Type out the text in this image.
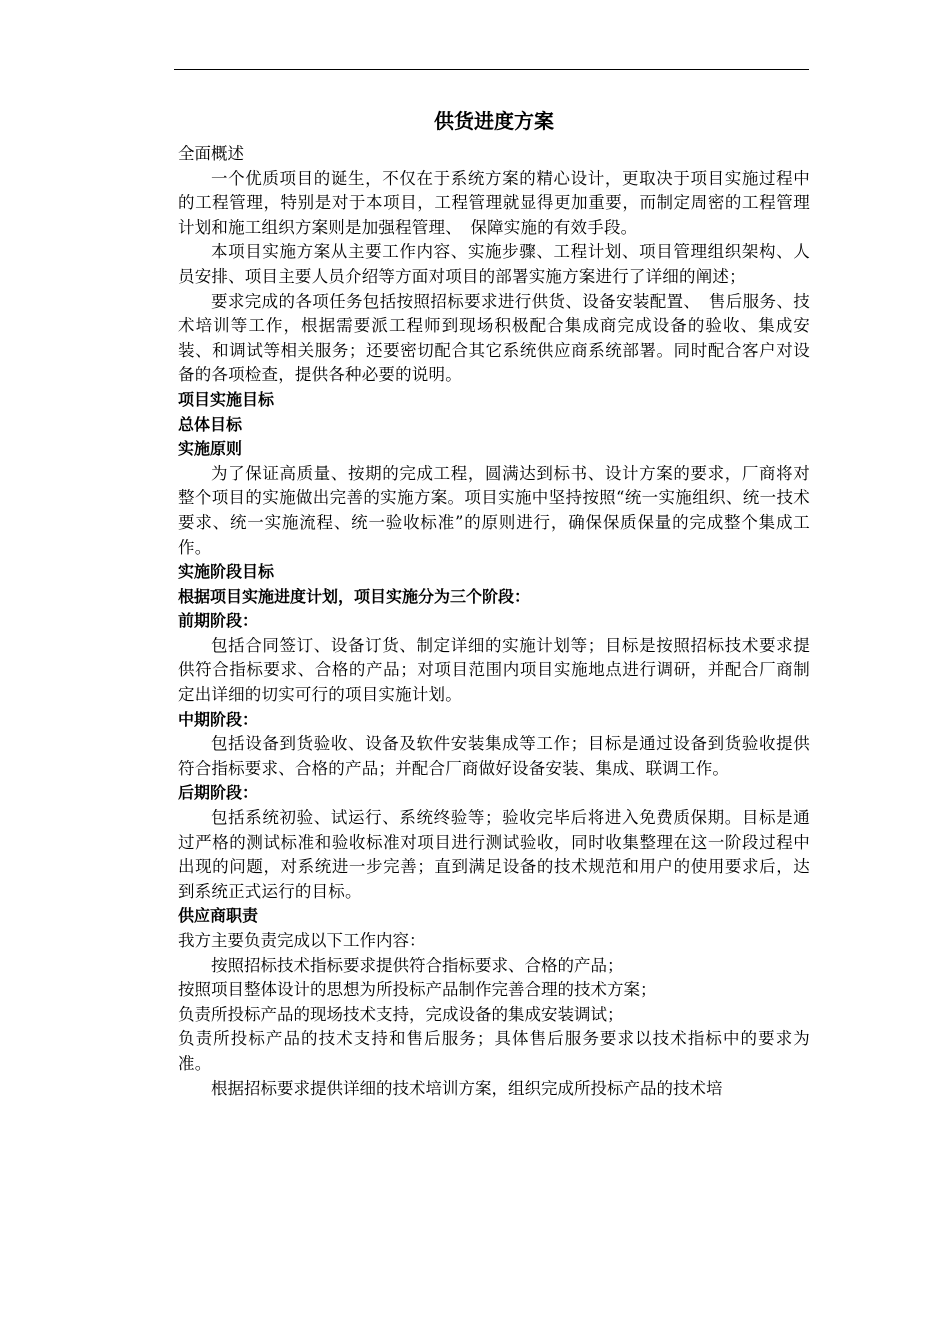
供货进度方案

全面概述

一个优质项目的诞生，不仅在于系统方案的精心设计，更取决于项目实施过程中的工程管理，特别是对于本项目，工程管理就显得更加重要，而制定周密的工程管理计划和施工组织方案则是加强程管理、　保障实施的有效手段。

本项目实施方案从主要工作内容、实施步骤、工程计划、项目管理组织架构、人员安排、项目主要人员介绍等方面对项目的部署实施方案进行了详细的阐述；

要求完成的各项任务包括按照招标要求进行供货、设备安装配置、　售后服务、技术培训等工作，根据需要派工程师到现场积极配合集成商完成设备的验收、集成安装、和调试等相关服务；还要密切配合其它系统供应商系统部署。同时配合客户对设备的各项检查，提供各种必要的说明。

项目实施目标

总体目标

实施原则

为了保证高质量、按期的完成工程，圆满达到标书、设计方案的要求，厂商将对整个项目的实施做出完善的实施方案。项目实施中坚持按照“统一实施组织、统一技术要求、统一实施流程、统一验收标准”的原则进行，确保保质保量的完成整个集成工作。

实施阶段目标

根据项目实施进度计划，项目实施分为三个阶段：

前期阶段：

包括合同签订、设备订货、制定详细的实施计划等；目标是按照招标技术要求提供符合指标要求、合格的产品；对项目范围内项目实施地点进行调研，并配合厂商制定出详细的切实可行的项目实施计划。

中期阶段：

包括设备到货验收、设备及软件安装集成等工作；目标是通过设备到货验收提供符合指标要求、合格的产品；并配合厂商做好设备安装、集成、联调工作。

后期阶段：

包括系统初验、试运行、系统终验等；验收完毕后将进入免费质保期。目标是通过严格的测试标准和验收标准对项目进行测试验收，同时收集整理在这一阶段过程中出现的问题，对系统进一步完善；直到满足设备的技术规范和用户的使用要求后，达到系统正式运行的目标。

供应商职责

我方主要负责完成以下工作内容：

按照招标技术指标要求提供符合指标要求、合格的产品；

按照项目整体设计的思想为所投标产品制作完善合理的技术方案；

负责所投标产品的现场技术支持，完成设备的集成安装调试；

负责所投标产品的技术支持和售后服务；具体售后服务要求以技术指标中的要求为准。

根据招标要求提供详细的技术培训方案，组织完成所投标产品的技术培
